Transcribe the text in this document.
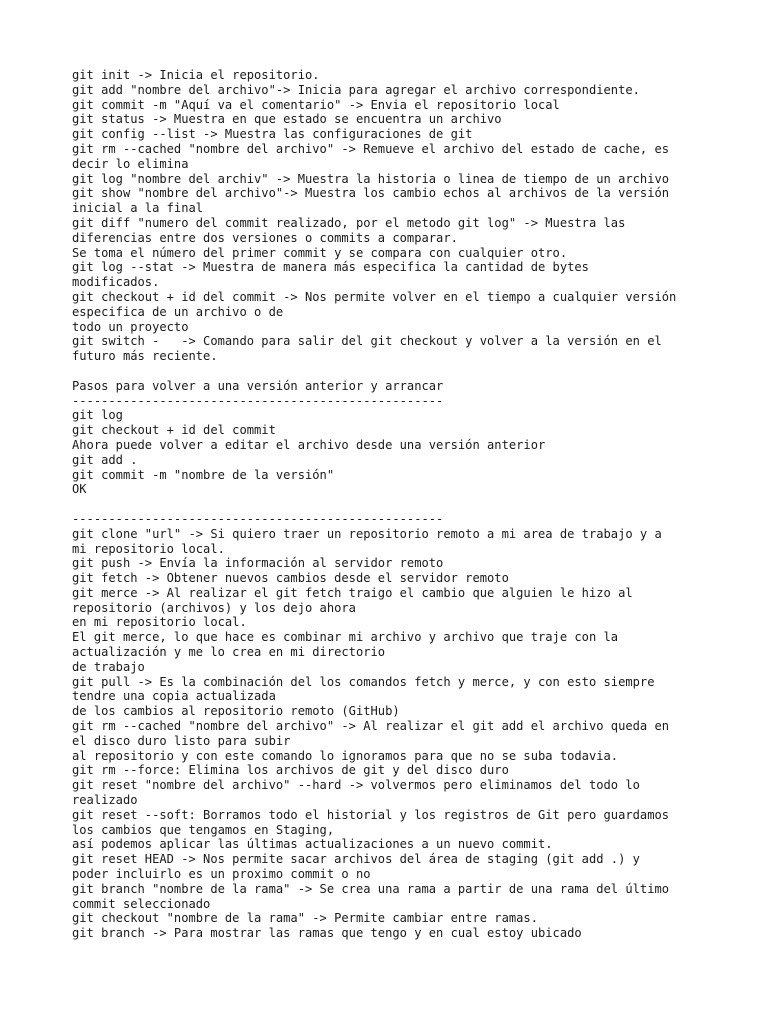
git init -> Inicia el repositorio.
git add "nombre del archivo"-> Inicia para agregar el archivo correspondiente.
git commit -m "Aquí va el comentario" -> Envia el repositorio local
git status -> Muestra en que estado se encuentra un archivo
git config --list -> Muestra las configuraciones de git
git rm --cached "nombre del archivo" -> Remueve el archivo del estado de cache, es
decir lo elimina
git log "nombre del archiv" -> Muestra la historia o linea de tiempo de un archivo
git show "nombre del archivo"-> Muestra los cambio echos al archivos de la versión
inicial a la final
git diff "numero del commit realizado, por el metodo git log" -> Muestra las
diferencias entre dos versiones o commits a comparar.
Se toma el número del primer commit y se compara con cualquier otro.
git log --stat -> Muestra de manera más especifica la cantidad de bytes
modificados.
git checkout + id del commit -> Nos permite volver en el tiempo a cualquier versión
especifica de un archivo o de
todo un proyecto
git switch -   -> Comando para salir del git checkout y volver a la versión en el
futuro más reciente.
Pasos para volver a una versión anterior y arrancar
---------------------------------------------------
git log
git checkout + id del commit
Ahora puede volver a editar el archivo desde una versión anterior
git add .
git commit -m "nombre de la versión"
OK
---------------------------------------------------
git clone "url" -> Si quiero traer un repositorio remoto a mi area de trabajo y a
mi repositorio local.
git push -> Envía la información al servidor remoto
git fetch -> Obtener nuevos cambios desde el servidor remoto
git merce -> Al realizar el git fetch traigo el cambio que alguien le hizo al
repositorio (archivos) y los dejo ahora
en mi repositorio local.
El git merce, lo que hace es combinar mi archivo y archivo que traje con la
actualización y me lo crea en mi directorio
de trabajo
git pull -> Es la combinación del los comandos fetch y merce, y con esto siempre
tendre una copia actualizada
de los cambios al repositorio remoto (GitHub)
git rm --cached "nombre del archivo" -> Al realizar el git add el archivo queda en
el disco duro listo para subir
al repositorio y con este comando lo ignoramos para que no se suba todavia.
git rm --force: Elimina los archivos de git y del disco duro
git reset "nombre del archivo" --hard -> volvermos pero eliminamos del todo lo
realizado
git reset --soft: Borramos todo el historial y los registros de Git pero guardamos
los cambios que tengamos en Staging,
así podemos aplicar las últimas actualizaciones a un nuevo commit.
git reset HEAD -> Nos permite sacar archivos del área de staging (git add .) y
poder incluirlo es un proximo commit o no
git branch "nombre de la rama" -> Se crea una rama a partir de una rama del último
commit seleccionado
git checkout "nombre de la rama" -> Permite cambiar entre ramas.
git branch -> Para mostrar las ramas que tengo y en cual estoy ubicado
